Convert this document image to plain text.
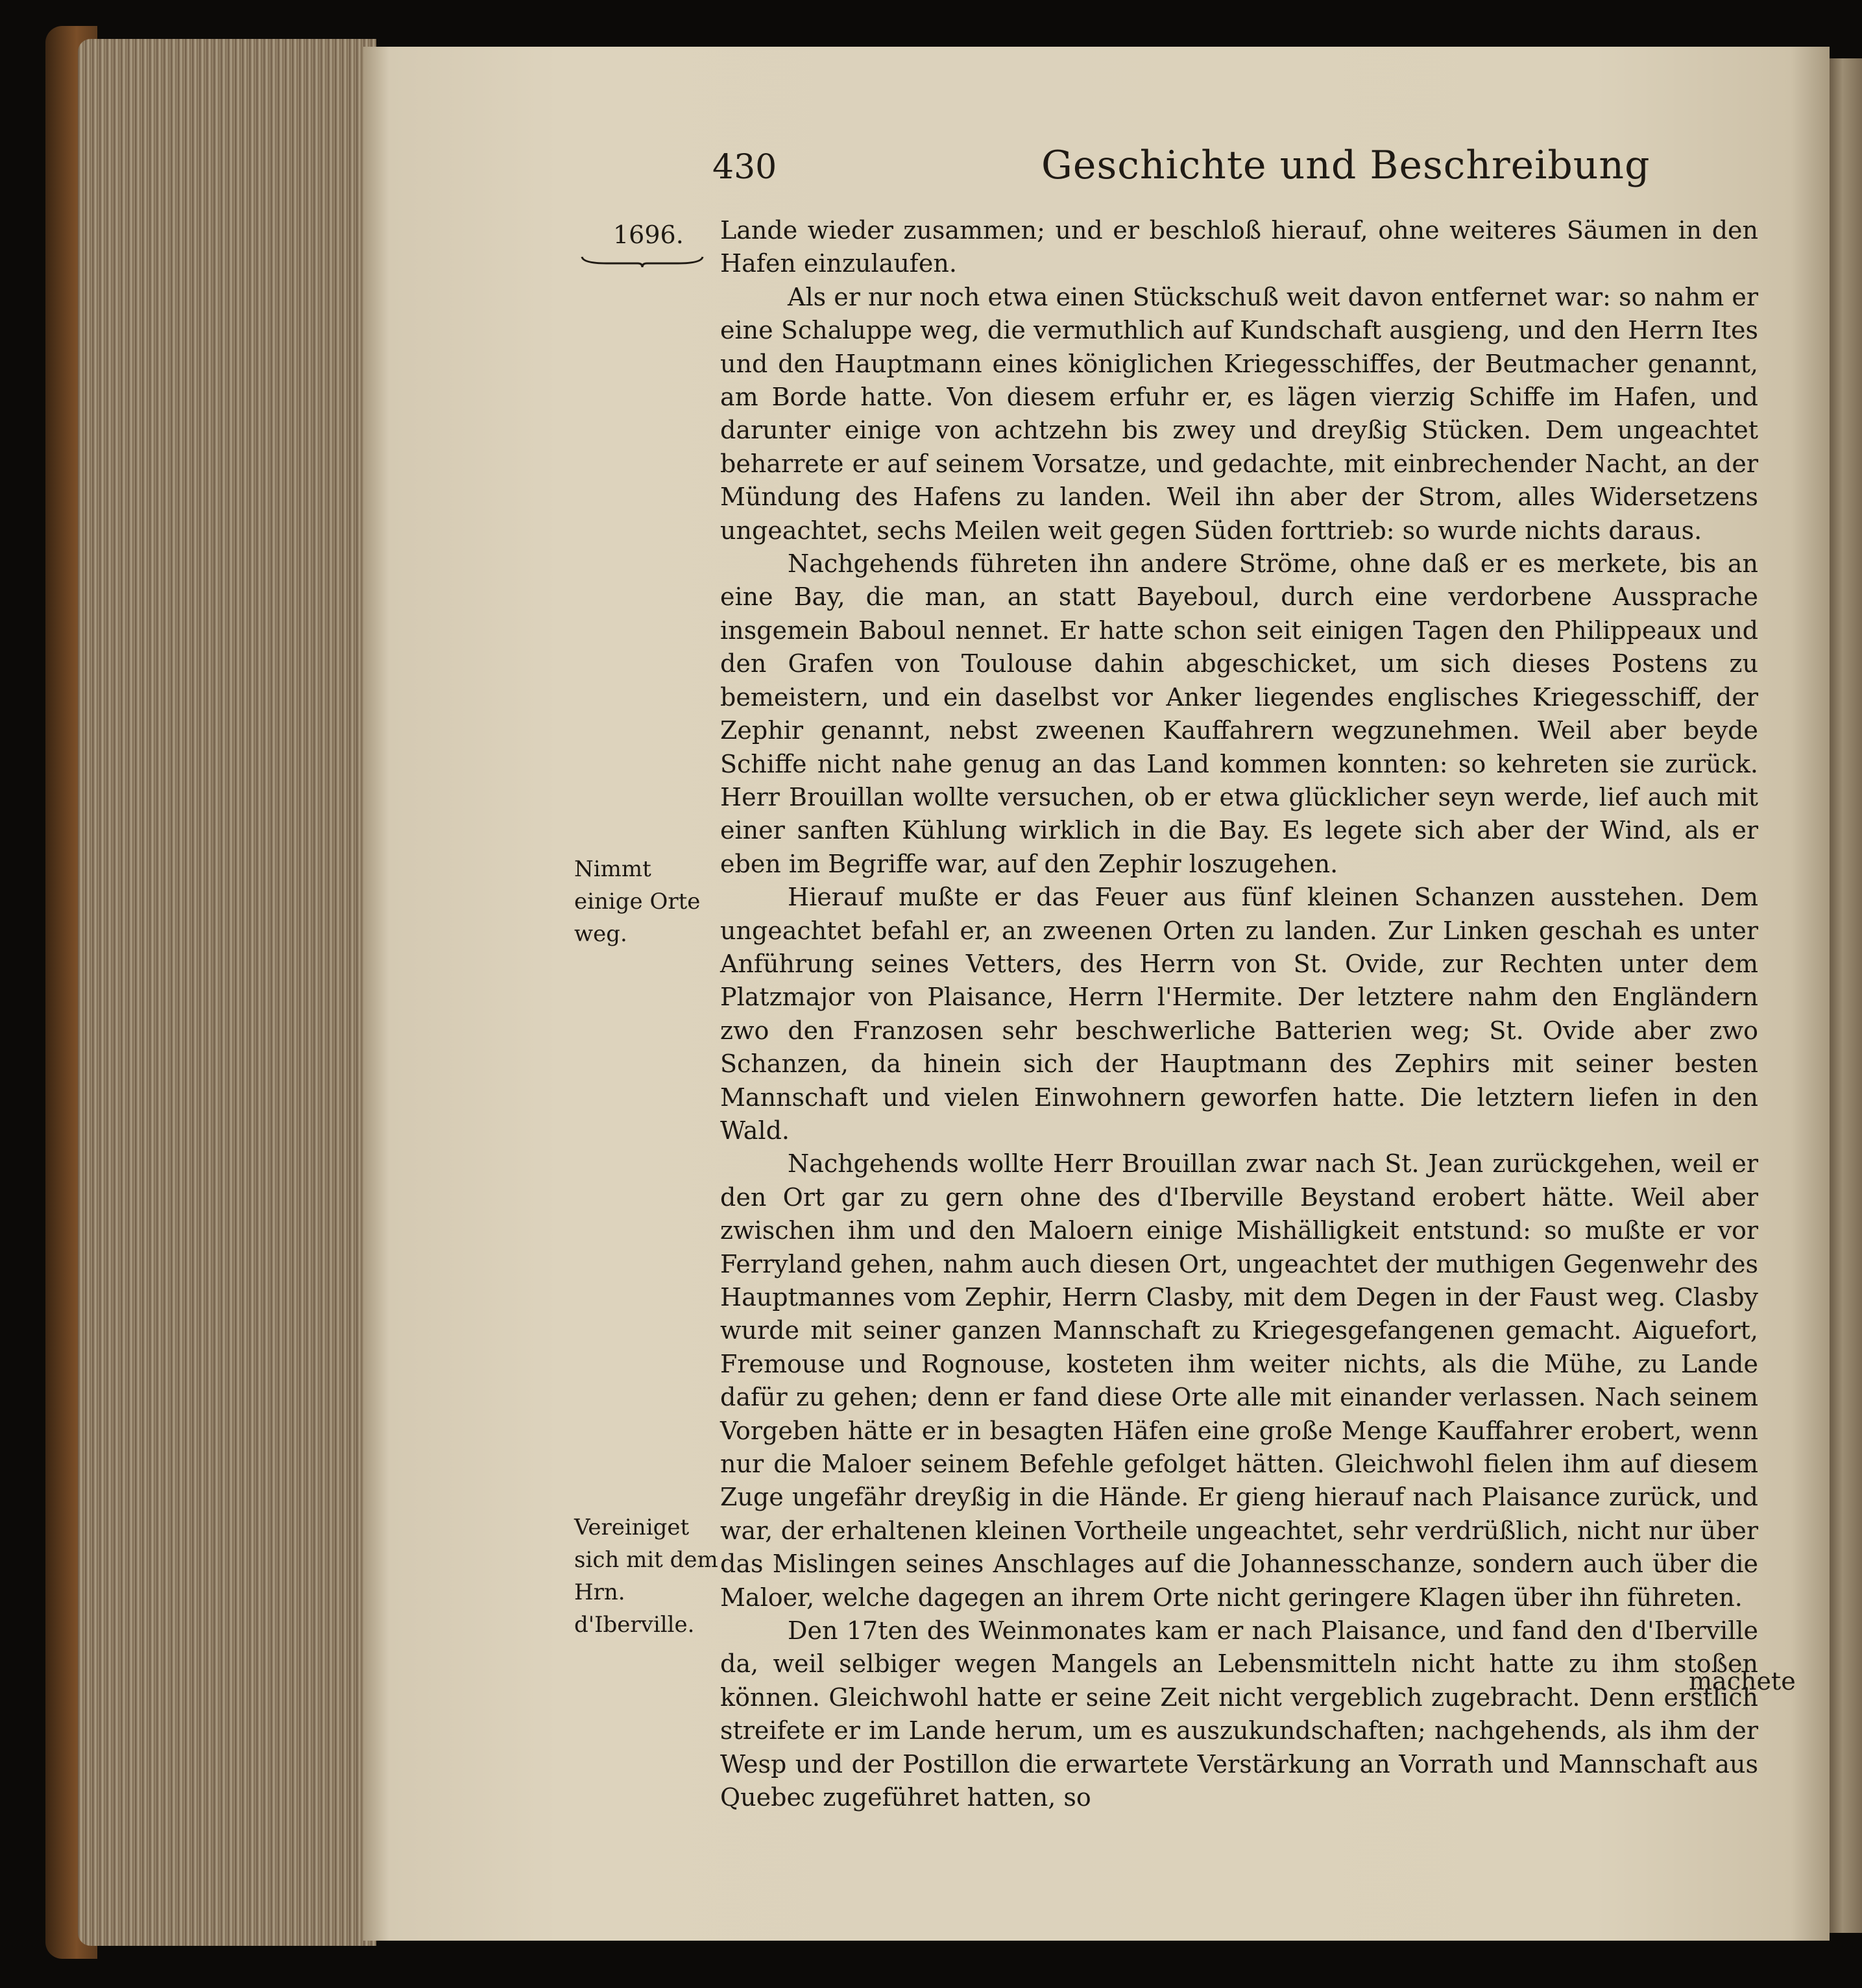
430	Geschichte und Beschreibung
1696.
Nimmt einige Orte weg.
Vereiniget sich mit dem Hrn. d'Iberville.

Lande wieder zusammen; und er beschloß hierauf, ohne weiteres Säumen in den Hafen einzulaufen.

Als er nur noch etwa einen Stückschuß weit davon entfernet war: so nahm er eine Schaluppe weg, die vermuthlich auf Kundschaft ausgieng, und den Herrn Ites und den Hauptmann eines königlichen Kriegesschiffes, der Beutmacher genannt, am Borde hatte. Von diesem erfuhr er, es lägen vierzig Schiffe im Hafen, und darunter einige von achtzehn bis zwey und dreyßig Stücken. Dem ungeachtet beharrete er auf seinem Vorsatze, und gedachte, mit einbrechender Nacht, an der Mündung des Hafens zu landen. Weil ihn aber der Strom, alles Widersetzens ungeachtet, sechs Meilen weit gegen Süden forttrieb: so wurde nichts daraus.

Nachgehends führeten ihn andere Ströme, ohne daß er es merkete, bis an eine Bay, die man, an statt Bayeboul, durch eine verdorbene Aussprache insgemein Baboul nennet. Er hatte schon seit einigen Tagen den Philippeaux und den Grafen von Toulouse dahin abgeschicket, um sich dieses Postens zu bemeistern, und ein daselbst vor Anker liegendes englisches Kriegesschiff, der Zephir genannt, nebst zweenen Kauffahrern wegzunehmen. Weil aber beyde Schiffe nicht nahe genug an das Land kommen konnten: so kehreten sie zurück. Herr Brouillan wollte versuchen, ob er etwa glücklicher seyn werde, lief auch mit einer sanften Kühlung wirklich in die Bay. Es legete sich aber der Wind, als er eben im Begriffe war, auf den Zephir loszugehen.

Hierauf mußte er das Feuer aus fünf kleinen Schanzen ausstehen. Dem ungeachtet befahl er, an zweenen Orten zu landen. Zur Linken geschah es unter Anführung seines Vetters, des Herrn von St. Ovide, zur Rechten unter dem Platzmajor von Plaisance, Herrn l'Hermite. Der letztere nahm den Engländern zwo den Franzosen sehr beschwerliche Batterien weg; St. Ovide aber zwo Schanzen, da hinein sich der Hauptmann des Zephirs mit seiner besten Mannschaft und vielen Einwohnern geworfen hatte. Die letztern liefen in den Wald.

Nachgehends wollte Herr Brouillan zwar nach St. Jean zurückgehen, weil er den Ort gar zu gern ohne des d'Iberville Beystand erobert hätte. Weil aber zwischen ihm und den Maloern einige Mishälligkeit entstund: so mußte er vor Ferryland gehen, nahm auch diesen Ort, ungeachtet der muthigen Gegenwehr des Hauptmannes vom Zephir, Herrn Clasby, mit dem Degen in der Faust weg. Clasby wurde mit seiner ganzen Mannschaft zu Kriegesgefangenen gemacht. Aiguefort, Fremouse und Rognouse, kosteten ihm weiter nichts, als die Mühe, zu Lande dafür zu gehen; denn er fand diese Orte alle mit einander verlassen. Nach seinem Vorgeben hätte er in besagten Häfen eine große Menge Kauffahrer erobert, wenn nur die Maloer seinem Befehle gefolget hätten. Gleichwohl fielen ihm auf diesem Zuge ungefähr dreyßig in die Hände. Er gieng hierauf nach Plaisance zurück, und war, der erhaltenen kleinen Vortheile ungeachtet, sehr verdrüßlich, nicht nur über das Mislingen seines Anschlages auf die Johannesschanze, sondern auch über die Maloer, welche dagegen an ihrem Orte nicht geringere Klagen über ihn führeten.

Den 17ten des Weinmonates kam er nach Plaisance, und fand den d'Iberville da, weil selbiger wegen Mangels an Lebensmitteln nicht hatte zu ihm stoßen können. Gleichwohl hatte er seine Zeit nicht vergeblich zugebracht. Denn erstlich streifete er im Lande herum, um es auszukundschaften; nachgehends, als ihm der Wesp und der Postillon die erwartete Verstärkung an Vorrath und Mannschaft aus Quebec zugeführet hatten, so

machete
